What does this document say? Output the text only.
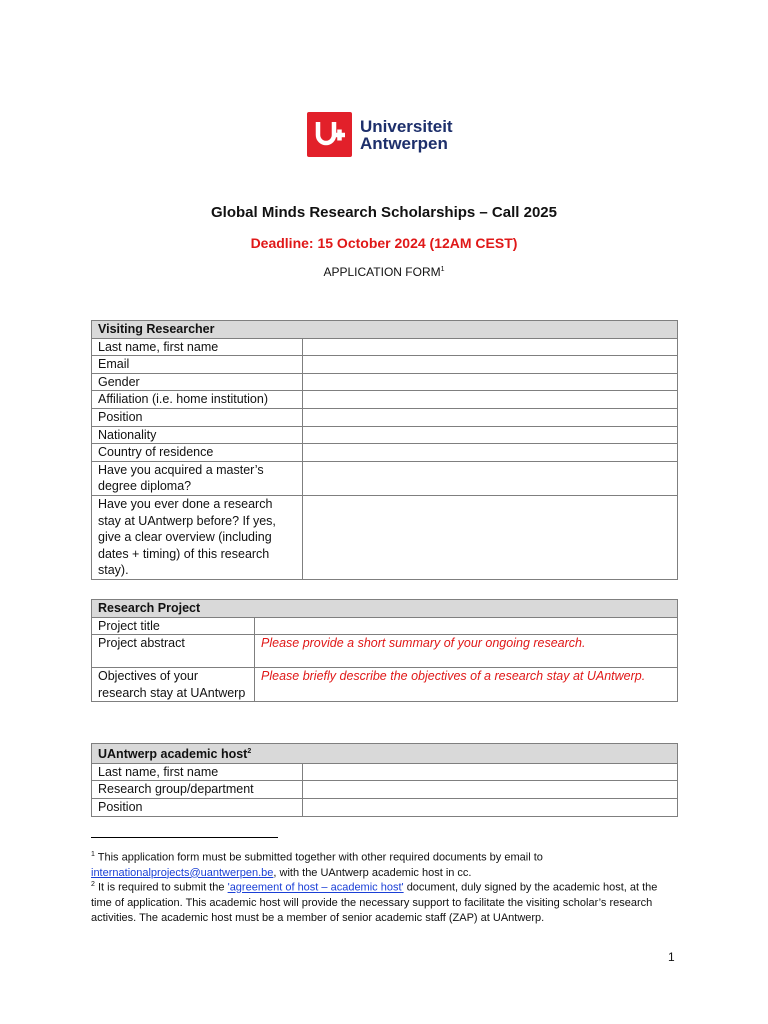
Universiteit
Antwerpen
Global Minds Research Scholarships – Call 2025
Deadline: 15 October 2024 (12AM CEST)
APPLICATION FORM$^1$
Visiting Researcher	
Last name, first name	
Email	
Gender	
Affiliation (i.e. home institution)	
Position	
Nationality	
Country of residence	
Have you acquired a master’s degree diploma?	
Have you ever done a research stay at UAntwerp before? If yes, give a clear overview (including dates + timing) of this research stay).	
Research Project	
Project title	
Project abstract	Please provide a short summary of your ongoing research.
Objectives of your research stay at UAntwerp	Please briefly describe the objectives of a research stay at UAntwerp.
UAntwerp academic host$^2$
Last name, first name	
Research group/department	
Position	
$^1$ This application form must be submitted together with other required documents by email to internationalprojects@uantwerpen.be, with the UAntwerp academic host in cc.
$^2$ It is required to submit the 'agreement of host – academic host' document, duly signed by the academic host, at the time of application. This academic host will provide the necessary support to facilitate the visiting scholar’s research activities. The academic host must be a member of senior academic staff (ZAP) at UAntwerp.
1
